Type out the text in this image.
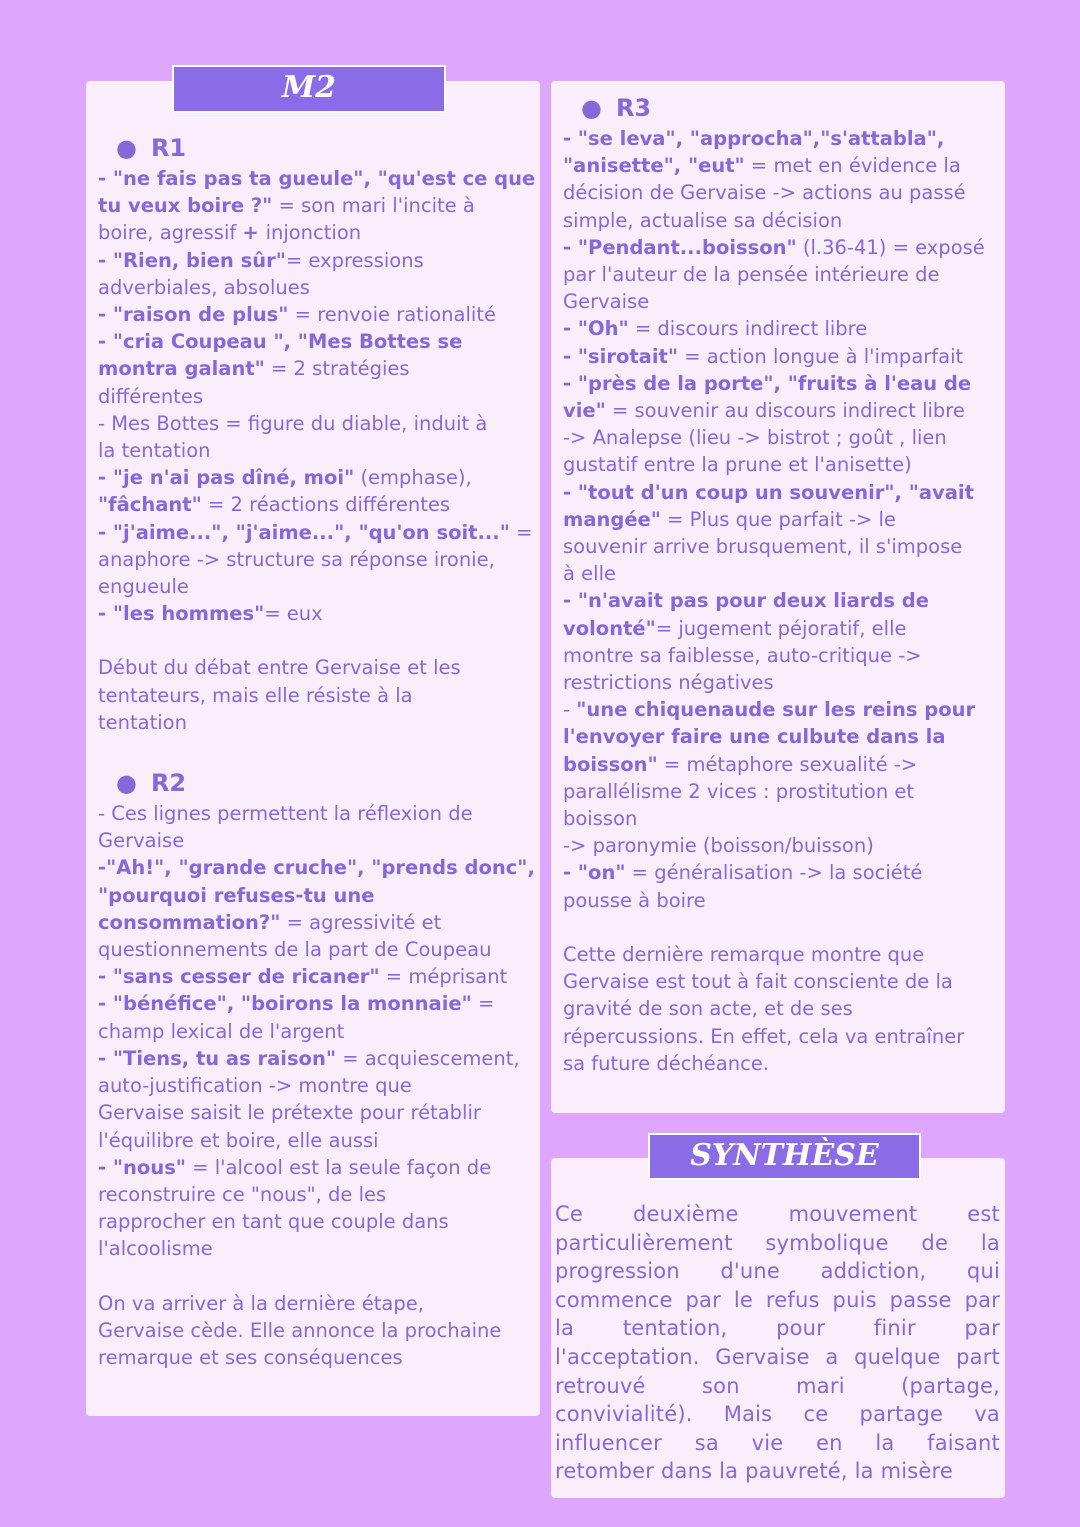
● R1
- "ne fais pas ta gueule", "qu'est ce que
tu veux boire ?" = son mari l'incite à
boire, agressif + injonction
- "Rien, bien sûr"= expressions
adverbiales, absolues
- "raison de plus" = renvoie rationalité
- "cria Coupeau ", "Mes Bottes se
montra galant" = 2 stratégies
différentes
- Mes Bottes = figure du diable, induit à
la tentation
- "je n'ai pas dîné, moi" (emphase),
"fâchant" = 2 réactions différentes
- "j'aime...", "j'aime...", "qu'on soit..." =
anaphore -> structure sa réponse ironie,
engueule
- "les hommes"= eux
Début du débat entre Gervaise et les
tentateurs, mais elle résiste à la
tentation
● R2
- Ces lignes permettent la réflexion de
Gervaise
-"Ah!", "grande cruche", "prends donc",
"pourquoi refuses-tu une
consommation?" = agressivité et
questionnements de la part de Coupeau
- "sans cesser de ricaner" = méprisant
- "bénéfice", "boirons la monnaie" =
champ lexical de l'argent
- "Tiens, tu as raison" = acquiescement,
auto-justification -> montre que
Gervaise saisit le prétexte pour rétablir
l'équilibre et boire, elle aussi
- "nous" = l'alcool est la seule façon de
reconstruire ce "nous", de les
rapprocher en tant que couple dans
l'alcoolisme
On va arriver à la dernière étape,
Gervaise cède. Elle annonce la prochaine
remarque et ses conséquences
M2
● R3
- "se leva", "approcha","s'attabla",
"anisette", "eut" = met en évidence la
décision de Gervaise -> actions au passé
simple, actualise sa décision
- "Pendant...boisson" (l.36-41) = exposé
par l'auteur de la pensée intérieure de
Gervaise
- "Oh" = discours indirect libre
- "sirotait" = action longue à l'imparfait
- "près de la porte", "fruits à l'eau de
vie" = souvenir au discours indirect libre
-> Analepse (lieu -> bistrot ; goût , lien
gustatif entre la prune et l'anisette)
- "tout d'un coup un souvenir", "avait
mangée" = Plus que parfait -> le
souvenir arrive brusquement, il s'impose
à elle
- "n'avait pas pour deux liards de
volonté"= jugement péjoratif, elle
montre sa faiblesse, auto-critique ->
restrictions négatives
- "une chiquenaude sur les reins pour
l'envoyer faire une culbute dans la
boisson" = métaphore sexualité ->
parallélisme 2 vices : prostitution et
boisson
-> paronymie (boisson/buisson)
- "on" = généralisation -> la société
pousse à boire
Cette dernière remarque montre que
Gervaise est tout à fait consciente de la
gravité de son acte, et de ses
répercussions. En effet, cela va entraîner
sa future déchéance.
Ce deuxième mouvement est
particulièrement symbolique de la
progression d'une addiction, qui
commence par le refus puis passe par
la tentation, pour finir par
l'acceptation. Gervaise a quelque part
retrouvé son mari (partage,
convivialité). Mais ce partage va
influencer sa vie en la faisant
retomber dans la pauvreté, la misère
SYNTHÈSE
